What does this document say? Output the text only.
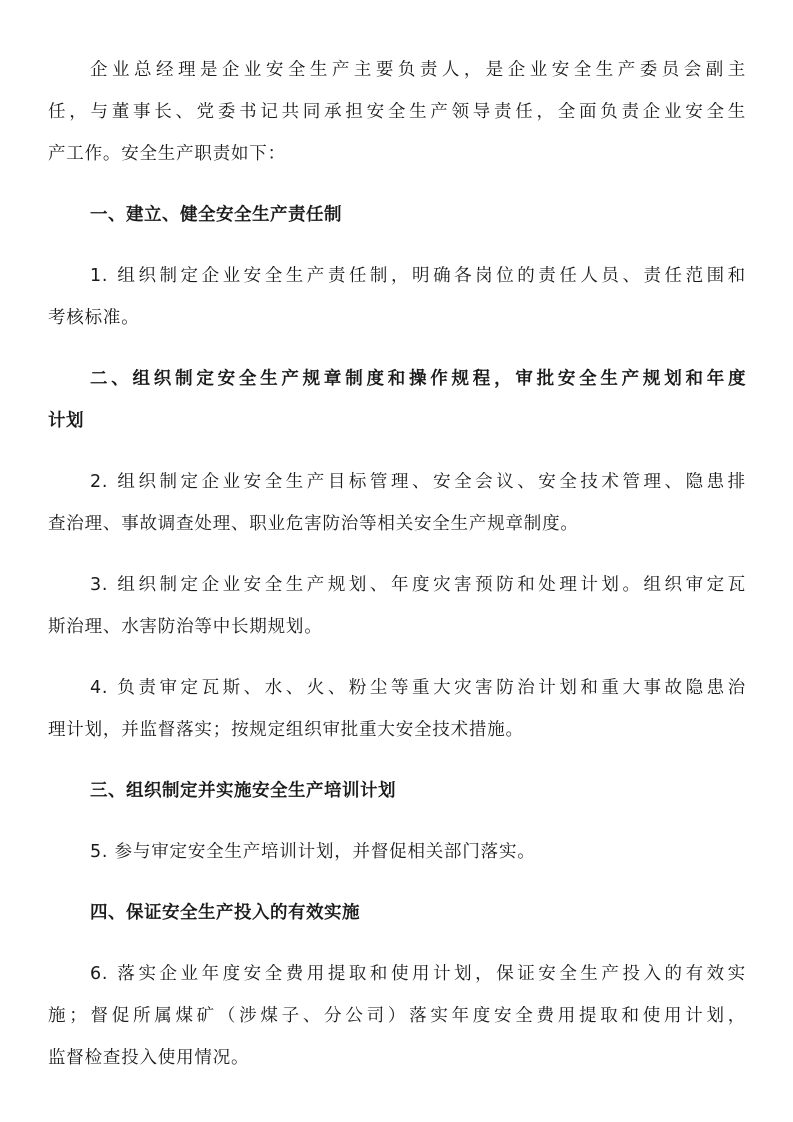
企业总经理是企业安全生产主要负责人，是企业安全生产委员会副主

任，与董事长、党委书记共同承担安全生产领导责任，全面负责企业安全生

产工作。安全生产职责如下：

一、建立、健全安全生产责任制

1. 组织制定企业安全生产责任制，明确各岗位的责任人员、责任范围和

考核标准。

二、组织制定安全生产规章制度和操作规程，审批安全生产规划和年度

计划

2. 组织制定企业安全生产目标管理、安全会议、安全技术管理、隐患排

查治理、事故调查处理、职业危害防治等相关安全生产规章制度。

3. 组织制定企业安全生产规划、年度灾害预防和处理计划。组织审定瓦

斯治理、水害防治等中长期规划。

4. 负责审定瓦斯、水、火、粉尘等重大灾害防治计划和重大事故隐患治

理计划，并监督落实；按规定组织审批重大安全技术措施。

三、组织制定并实施安全生产培训计划

5. 参与审定安全生产培训计划，并督促相关部门落实。

四、保证安全生产投入的有效实施

6. 落实企业年度安全费用提取和使用计划，保证安全生产投入的有效实

施；督促所属煤矿（涉煤子、分公司）落实年度安全费用提取和使用计划，

监督检查投入使用情况。
